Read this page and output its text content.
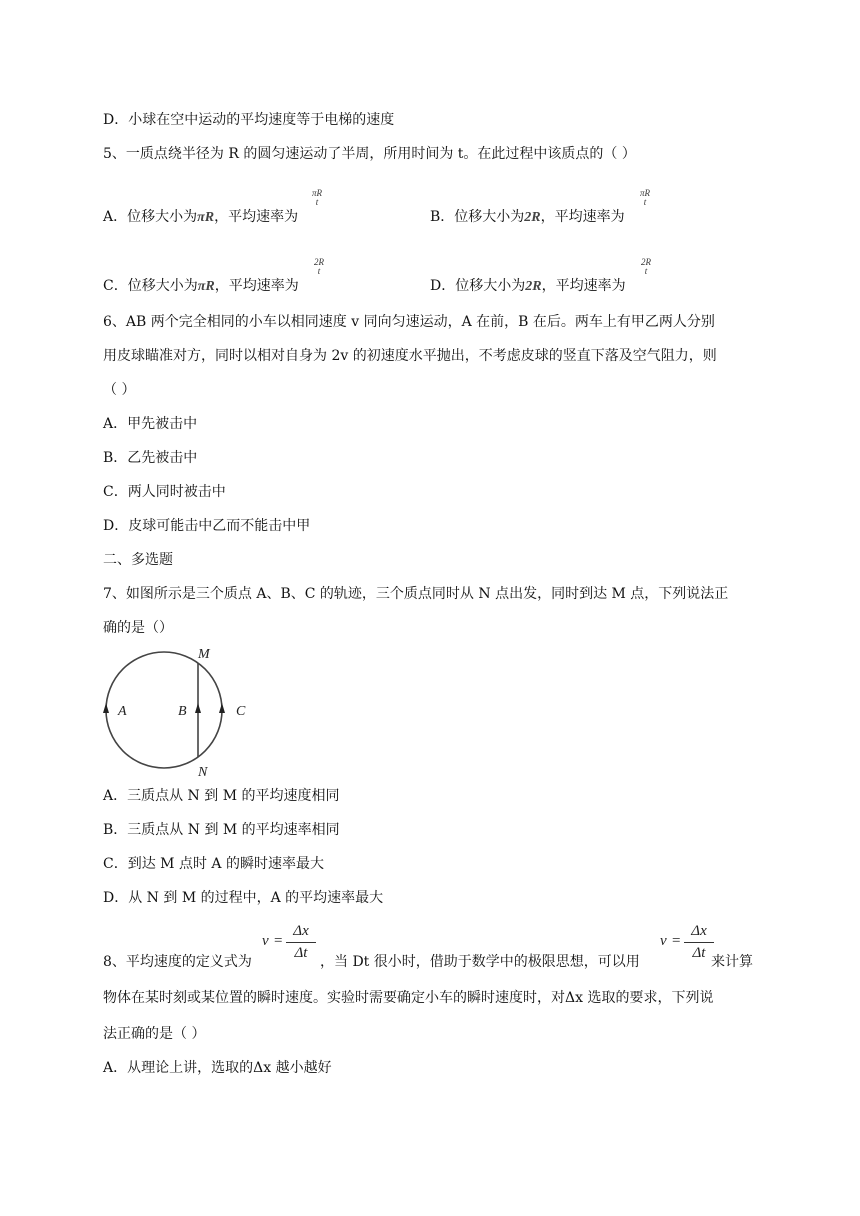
D．小球在空中运动的平均速度等于电梯的速度
5、一质点绕半径为 R 的圆匀速运动了半周，所用时间为 t。在此过程中该质点的（ ）
A．位移大小为πR，平均速率为
πR
t
B．位移大小为2R，平均速率为
πR
t
C．位移大小为πR，平均速率为
2R
t
D．位移大小为2R，平均速率为
2R
t
6、AB 两个完全相同的小车以相同速度 v 同向匀速运动，A 在前，B 在后。两车上有甲乙两人分别
用皮球瞄准对方，同时以相对自身为 2v 的初速度水平抛出，不考虑皮球的竖直下落及空气阻力，则
（ ）
A．甲先被击中
B．乙先被击中
C．两人同时被击中
D．皮球可能击中乙而不能击中甲
二、多选题
7、如图所示是三个质点 A、B、C 的轨迹，三个质点同时从 N 点出发，同时到达 M 点，下列说法正
确的是（）
M
N
A	B	C
A．三质点从 N 到 M 的平均速度相同
B．三质点从 N 到 M 的平均速率相同
C．到达 M 点时 A 的瞬时速率最大
D．从 N 到 M 的过程中，A 的平均速率最大
8、平均速度的定义式为
v =
Δx
Δt
，当 Dt 很小时，借助于数学中的极限思想，可以用
v =
Δx
Δt
来计算
物体在某时刻或某位置的瞬时速度。实验时需要确定小车的瞬时速度时，对Δx 选取的要求，下列说
法正确的是（ ）
A．从理论上讲，选取的Δx 越小越好
